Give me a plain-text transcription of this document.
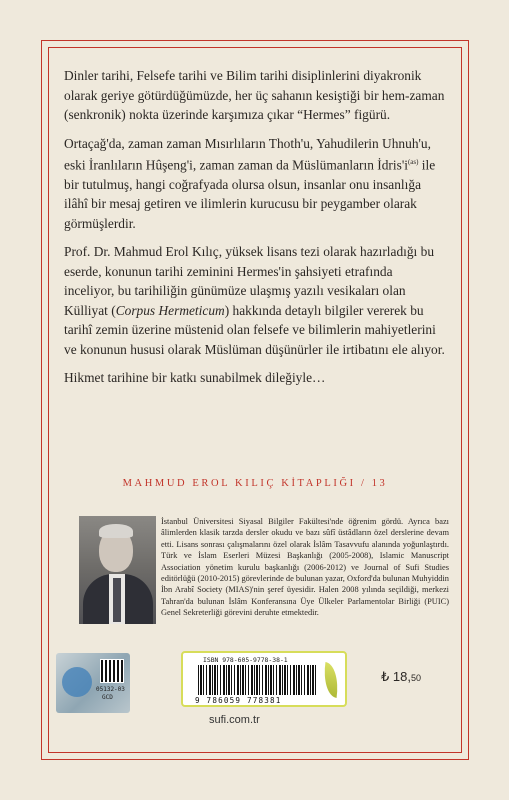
Dinler tarihi, Felsefe tarihi ve Bilim tarihi disiplinlerini diyakronik olarak geriye götürdüğümüzde, her üç sahanın kesiştiği bir hem-zaman (senkronik) nokta üzerinde karşımıza çıkar “Hermes” figürü.

Ortaçağ'da, zaman zaman Mısırlıların Thoth'u, Yahudilerin Uhnuh'u, eski İranlıların Hûşeng'i, zaman zaman da Müslümanların $İdris'i^{(as)}$ ile bir tutulmuş, hangi coğrafyada olursa olsun, insanlar onu insanlığa ilâhî bir mesaj getiren ve ilimlerin kurucusu bir peygamber olarak görmüşlerdir.

Prof. Dr. Mahmud Erol Kılıç, yüksek lisans tezi olarak hazırladığı bu eserde, konunun tarihi zeminini Hermes'in şahsiyeti etrafında inceliyor, bu tarihiliğin günümüze ulaşmış yazılı vesikaları olan Külliyat (Corpus Hermeticum) hakkında detaylı bilgiler vererek bu tarihî zemin üzerine müstenid olan felsefe ve bilimlerin mahiyetlerini ve konunun hususi olarak Müslüman düşünürler ile irtibatını ele alıyor.

Hikmet tarihine bir katkı sunabilmek dileğiyle…

MAHMUD EROL KILIÇ KİTAPLIĞI / 13
İstanbul Üniversitesi Siyasal Bilgiler Fakültesi'nde öğrenim gördü. Ayrıca bazı âlimlerden klasik tarzda dersler okudu ve bazı sûfî üstâdların özel derslerine devam etti. Lisans sonrası çalışmalarını özel olarak İslâm Tasavvufu alanında yoğunlaştırdı. Türk ve İslam Eserleri Müzesi Başkanlığı (2005-2008), Islamic Manuscript Association yönetim kurulu başkanlığı (2006-2012) ve Journal of Sufi Studies editörlüğü (2010-2015) görevlerinde de bulunan yazar, Oxford'da bulunan Muhyiddin İbn Arabî Society (MIAS)'nin şeref üyesidir. Halen 2008 yılında seçildiği, merkezi Tahran'da bulunan İslâm Konferansına Üye Ülkeler Parlamentolar Birliği (PUIC) Genel Sekreterliği görevini deruhte etmektedir.
05132-03
GCD
ISBN 978-605-9778-38-1
9 786059 778381
₺ 18,50
sufi.com.tr
